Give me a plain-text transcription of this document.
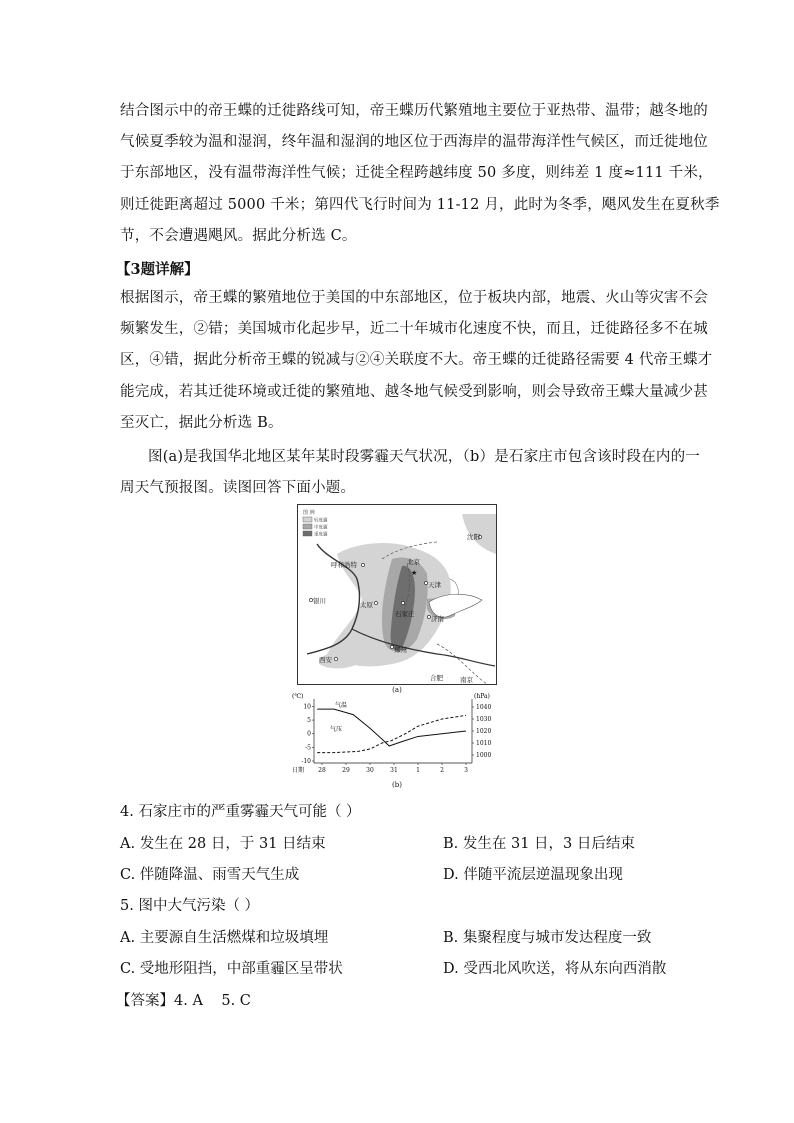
结合图示中的帝王蝶的迁徙路线可知，帝王蝶历代繁殖地主要位于亚热带、温带；越冬地的
气候夏季较为温和湿润，终年温和湿润的地区位于西海岸的温带海洋性气候区，而迁徙地位
于东部地区，没有温带海洋性气候；迁徙全程跨越纬度 50 多度，则纬差 1 度≈111 千米，
则迁徙距离超过 5000 千米；第四代飞行时间为 11-12 月，此时为冬季，飓风发生在夏秋季
节，不会遭遇飓风。据此分析选 C。
【3题详解】
根据图示，帝王蝶的繁殖地位于美国的中东部地区，位于板块内部，地震、火山等灾害不会
频繁发生，②错；美国城市化起步早，近二十年城市化速度不快，而且，迁徙路径多不在城
区，④错，据此分析帝王蝶的锐减与②④关联度不大。帝王蝶的迁徙路径需要 4 代帝王蝶才
能完成，若其迁徙环境或迁徙的繁殖地、越冬地气候受到影响，则会导致帝王蝶大量减少甚
至灭亡，据此分析选 B。
图(a)是我国华北地区某年某时段雾霾天气状况，（b）是石家庄市包含该时段在内的一
周天气预报图。读图回答下面小题。
图 例
轻度霾
中度霾
重度霾	沈阳
北京
★
天津
呼和浩特
银川	太原
石家庄
济南
郑州
西安
合肥	南京
(a)
(℃)	(hPa)
28	29	30	31	1	2	3
10
5
0
-5
-10
1040
1030
1020
1010
1000
日期
气温
气压
(b)
4. 石家庄市的严重雾霾天气可能（ ）
A. 发生在 28 日，于 31 日结束	B. 发生在 31 日，3 日后结束
C. 伴随降温、雨雪天气生成	D. 伴随平流层逆温现象出现
5. 图中大气污染（ ）
A. 主要源自生活燃煤和垃圾填埋	B. 集聚程度与城市发达程度一致
C. 受地形阻挡，中部重霾区呈带状	D. 受西北风吹送，将从东向西消散
【答案】4. A    5. C
